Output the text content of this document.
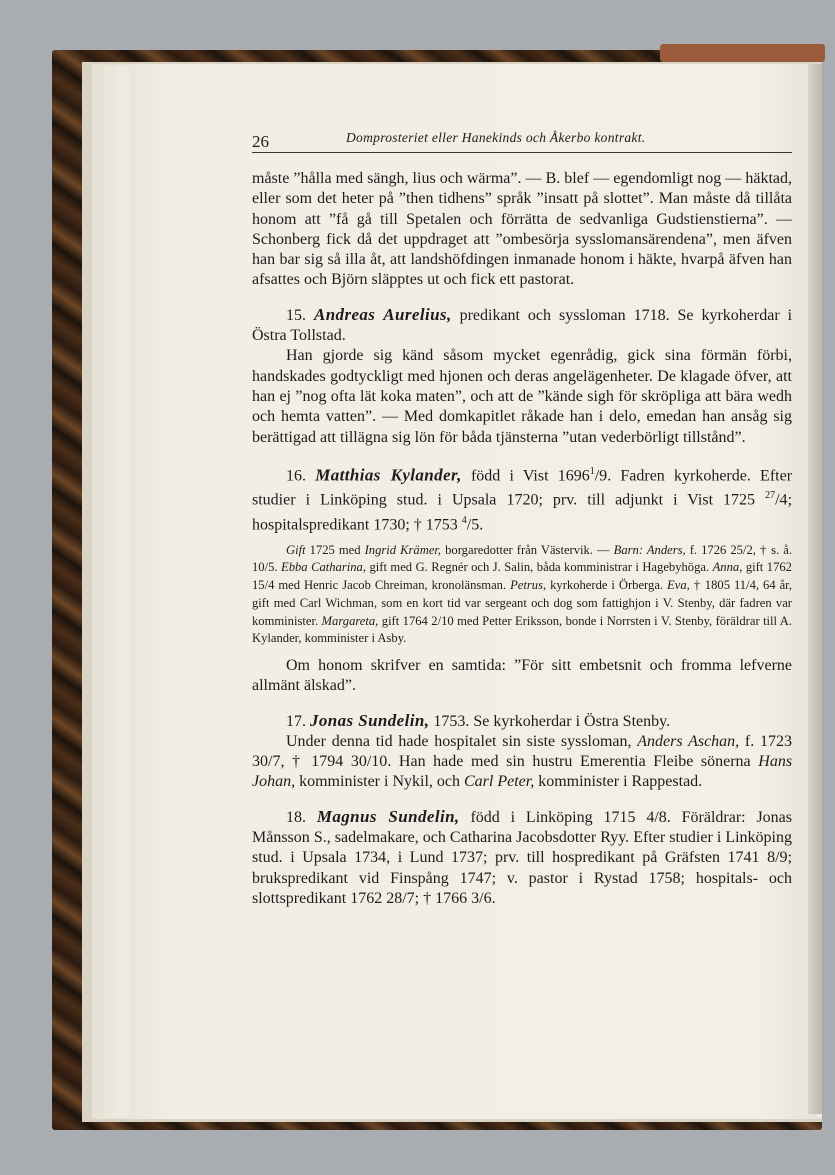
26	Domprosteriet eller Hanekinds och Åkerbo kontrakt.

måste ”hålla med sängh, lius och wärma”. — B. blef — egendomligt nog — häktad, eller som det heter på ”then tidhens” språk ”insatt på slottet”. Man måste då tillåta honom att ”få gå till Spetalen och förrätta de sedvanliga Gudstienstierna”. — Schonberg fick då det uppdraget att ”ombesörja sysslomansärendena”, men äfven han bar sig så illa åt, att landshöfdingen inmanade honom i häkte, hvarpå äfven han afsattes och Björn släpptes ut och fick ett pastorat.

15. Andreas Aurelius, predikant och syssloman 1718. Se kyrkoherdar i Östra Tollstad.

Han gjorde sig känd såsom mycket egenrådig, gick sina förmän förbi, handskades godtyckligt med hjonen och deras angelägenheter. De klagade öfver, att han ej ”nog ofta lät koka maten”, och att de ”kände sigh för skröpliga att bära wedh och hemta vatten”. — Med domkapitlet råkade han i delo, emedan han ansåg sig berättigad att tillägna sig lön för båda tjänsterna ”utan vederbörligt tillstånd”.

16. Matthias Kylander, född i Vist 1696$^1$/9. Fadren kyrkoherde. Efter studier i Linköping stud. i Upsala 1720; prv. till adjunkt i Vist 1725 $^{27}$/4; hospitalspredikant 1730; † 1753 $^4$/5.

Gift 1725 med Ingrid Krämer, borgaredotter från Västervik. — Barn: Anders, f. 1726 25/2, † s. å. 10/5. Ebba Catharina, gift med G. Regnér och J. Salin, båda komministrar i Hagebyhöga. Anna, gift 1762 15/4 med Henric Jacob Chreiman, kronolänsman. Petrus, kyrkoherde i Örberga. Eva, † 1805 11/4, 64 år, gift med Carl Wichman, som en kort tid var sergeant och dog som fattighjon i V. Stenby, där fadren var komminister. Margareta, gift 1764 2/10 med Petter Eriksson, bonde i Norrsten i V. Stenby, föräldrar till A. Kylander, komminister i Asby.

Om honom skrifver en samtida: ”För sitt embetsnit och fromma lefverne allmänt älskad”.

17. Jonas Sundelin, 1753. Se kyrkoherdar i Östra Stenby.

Under denna tid hade hospitalet sin siste syssloman, Anders Aschan, f. 1723 30/7, † 1794 30/10. Han hade med sin hustru Emerentia Fleibe sönerna Hans Johan, komminister i Nykil, och Carl Peter, komminister i Rappestad.

18. Magnus Sundelin, född i Linköping 1715 4/8. Föräldrar: Jonas Månsson S., sadelmakare, och Catharina Jacobsdotter Ryy. Efter studier i Linköping stud. i Upsala 1734, i Lund 1737; prv. till hospredikant på Gräfsten 1741 8/9; brukspredikant vid Finspång 1747; v. pastor i Rystad 1758; hospitals- och slottspredikant 1762 28/7; † 1766 3/6.
